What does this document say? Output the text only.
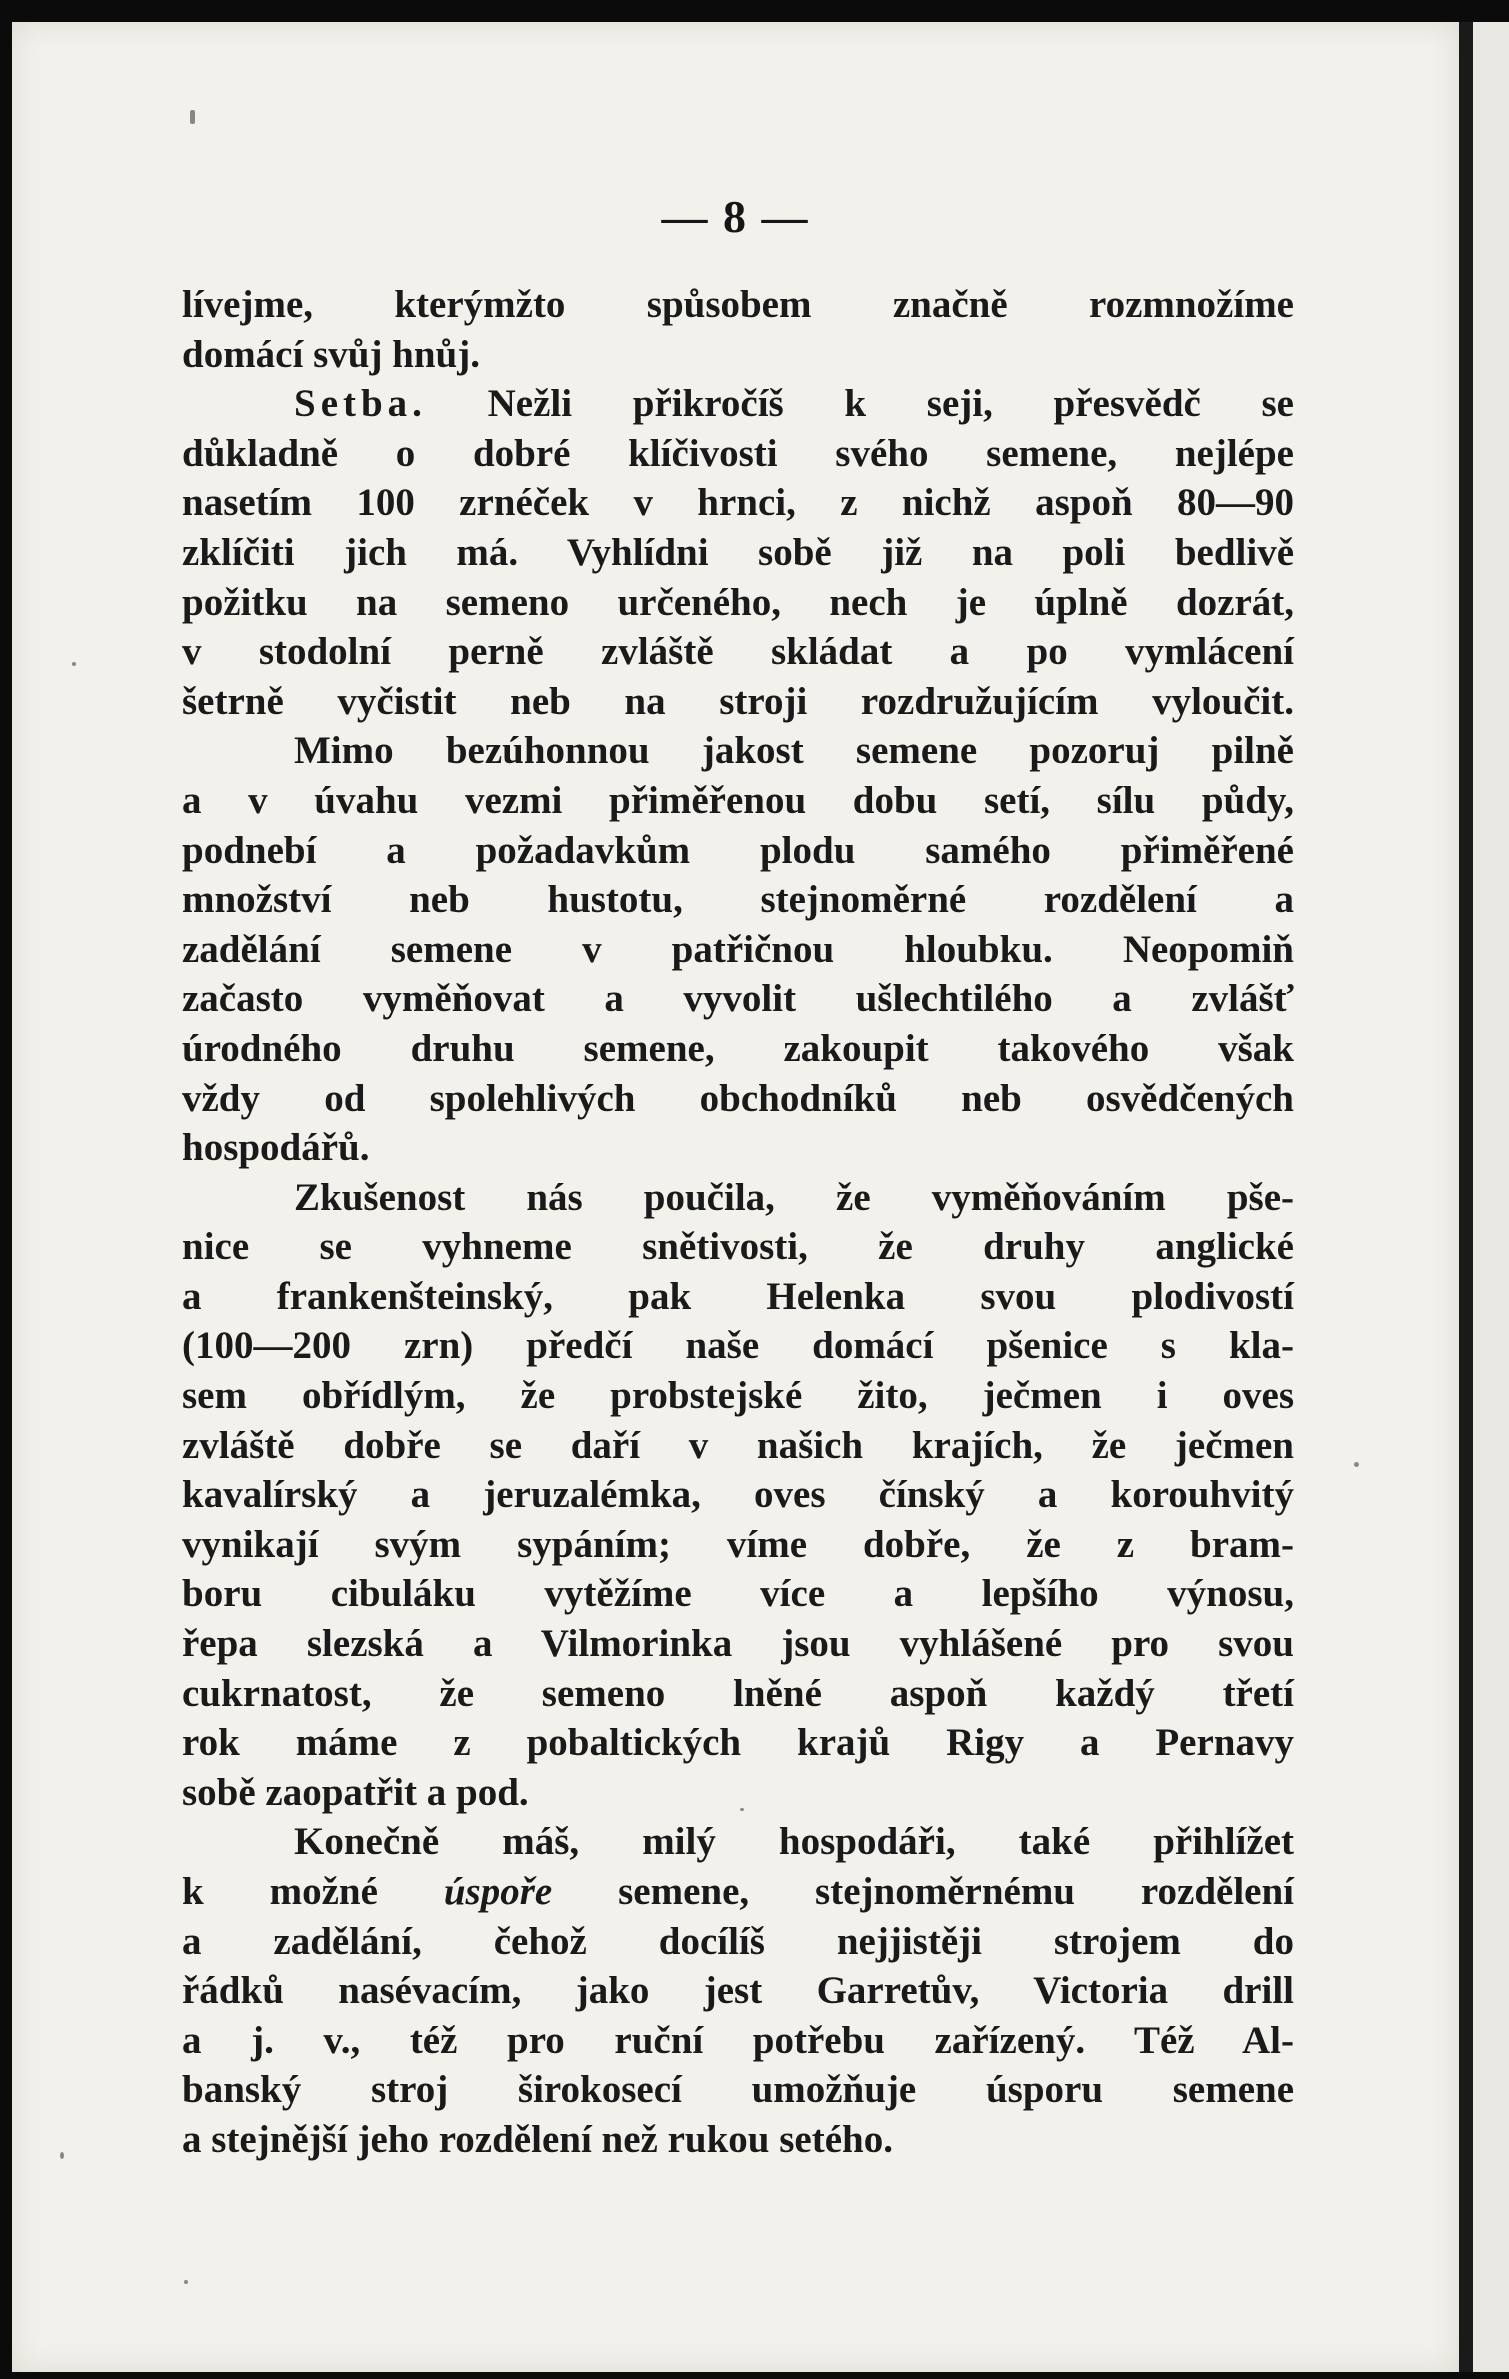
— 8 —
lívejme, kterýmžto spůsobem značně rozmnožíme
domácí svůj hnůj.
Setba. Nežli přikročíš k seji, přesvědč se
důkladně o dobré klíčivosti svého semene, nejlépe
nasetím 100 zrnéček v hrnci, z nichž aspoň 80—90
zklíčiti jich má. Vyhlídni sobě již na poli bedlivě
požitku na semeno určeného, nech je úplně dozrát,
v stodolní perně zvláště skládat a po vymlácení
šetrně vyčistit neb na stroji rozdružujícím vyloučit.
Mimo bezúhonnou jakost semene pozoruj pilně
a v úvahu vezmi přiměřenou dobu setí, sílu půdy,
podnebí a požadavkům plodu samého přiměřené
množství neb hustotu, stejnoměrné rozdělení a
zadělání semene v patřičnou hloubku. Neopomiň
začasto vyměňovat a vyvolit ušlechtilého a zvlášť
úrodného druhu semene, zakoupit takového však
vždy od spolehlivých obchodníků neb osvědčených
hospodářů.
Zkušenost nás poučila, že vyměňováním pše-
nice se vyhneme snětivosti, že druhy anglické
a frankenšteinský, pak Helenka svou plodivostí
(100—200 zrn) předčí naše domácí pšenice s kla-
sem obřídlým, že probstejské žito, ječmen i oves
zvláště dobře se daří v našich krajích, že ječmen
kavalírský a jeruzalémka, oves čínský a korouhvitý
vynikají svým sypáním; víme dobře, že z bram-
boru cibuláku vytěžíme více a lepšího výnosu,
řepa slezská a Vilmorinka jsou vyhlášené pro svou
cukrnatost, že semeno lněné aspoň každý třetí
rok máme z pobaltických krajů Rigy a Pernavy
sobě zaopatřit a pod.
Konečně máš, milý hospodáři, také přihlížet
k možné úspoře semene, stejnoměrnému rozdělení
a zadělání, čehož docílíš nejjistěji strojem do
řádků nasévacím, jako jest Garretův, Victoria drill
a j. v., též pro ruční potřebu zařízený. Též Al-
banský stroj širokosecí umožňuje úsporu semene
a stejnější jeho rozdělení než rukou setého.
